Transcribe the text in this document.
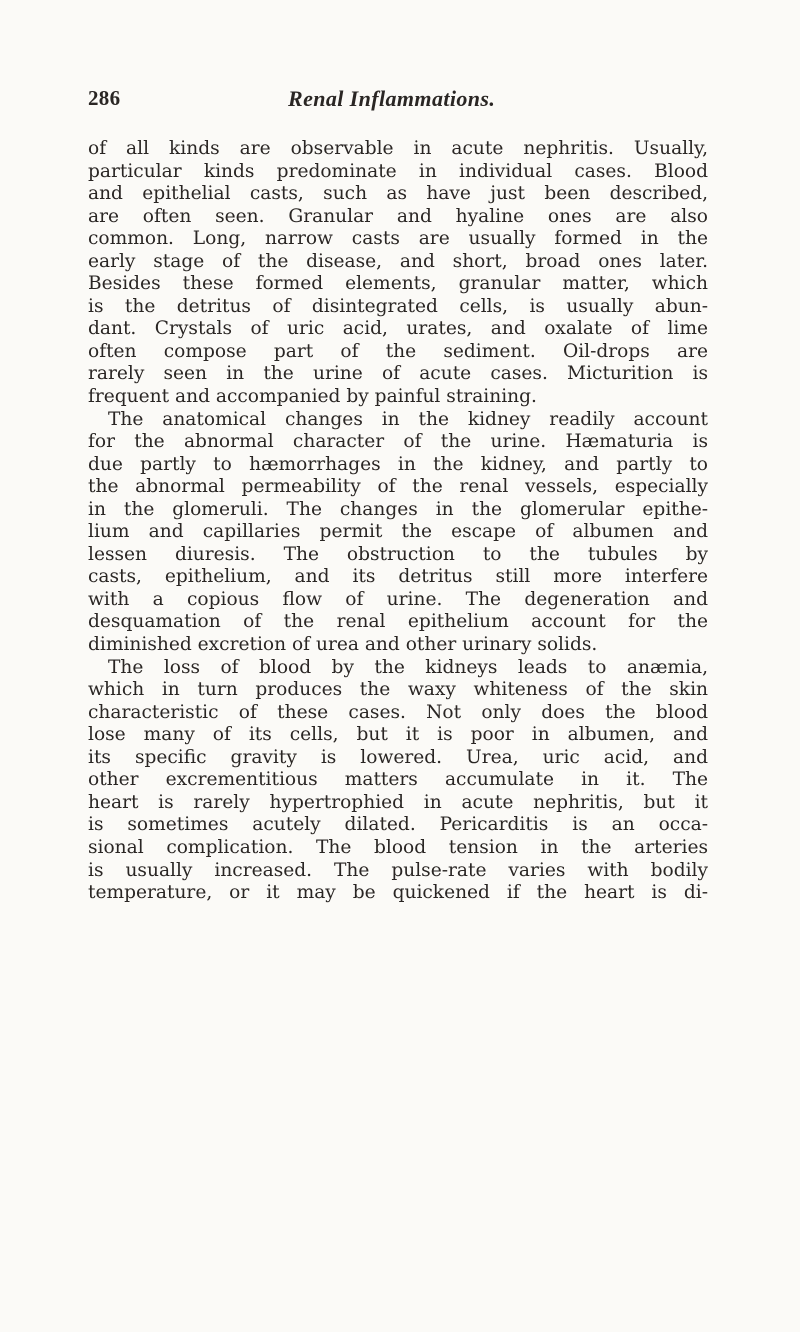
286	Renal Inflammations.
of all kinds are observable in acute nephritis. Usually,
particular kinds predominate in individual cases. Blood
and epithelial casts, such as have just been described,
are often seen. Granular and hyaline ones are also
common. Long, narrow casts are usually formed in the
early stage of the disease, and short, broad ones later.
Besides these formed elements, granular matter, which
is the detritus of disintegrated cells, is usually abun-
dant. Crystals of uric acid, urates, and oxalate of lime
often compose part of the sediment. Oil-drops are
rarely seen in the urine of acute cases. Micturition is
frequent and accompanied by painful straining.
The anatomical changes in the kidney readily account
for the abnormal character of the urine. Hæmaturia is
due partly to hæmorrhages in the kidney, and partly to
the abnormal permeability of the renal vessels, especially
in the glomeruli. The changes in the glomerular epithe-
lium and capillaries permit the escape of albumen and
lessen diuresis. The obstruction to the tubules by
casts, epithelium, and its detritus still more interfere
with a copious flow of urine. The degeneration and
desquamation of the renal epithelium account for the
diminished excretion of urea and other urinary solids.
The loss of blood by the kidneys leads to anæmia,
which in turn produces the waxy whiteness of the skin
characteristic of these cases. Not only does the blood
lose many of its cells, but it is poor in albumen, and
its specific gravity is lowered. Urea, uric acid, and
other excrementitious matters accumulate in it. The
heart is rarely hypertrophied in acute nephritis, but it
is sometimes acutely dilated. Pericarditis is an occa-
sional complication. The blood tension in the arteries
is usually increased. The pulse-rate varies with bodily
temperature, or it may be quickened if the heart is di-
